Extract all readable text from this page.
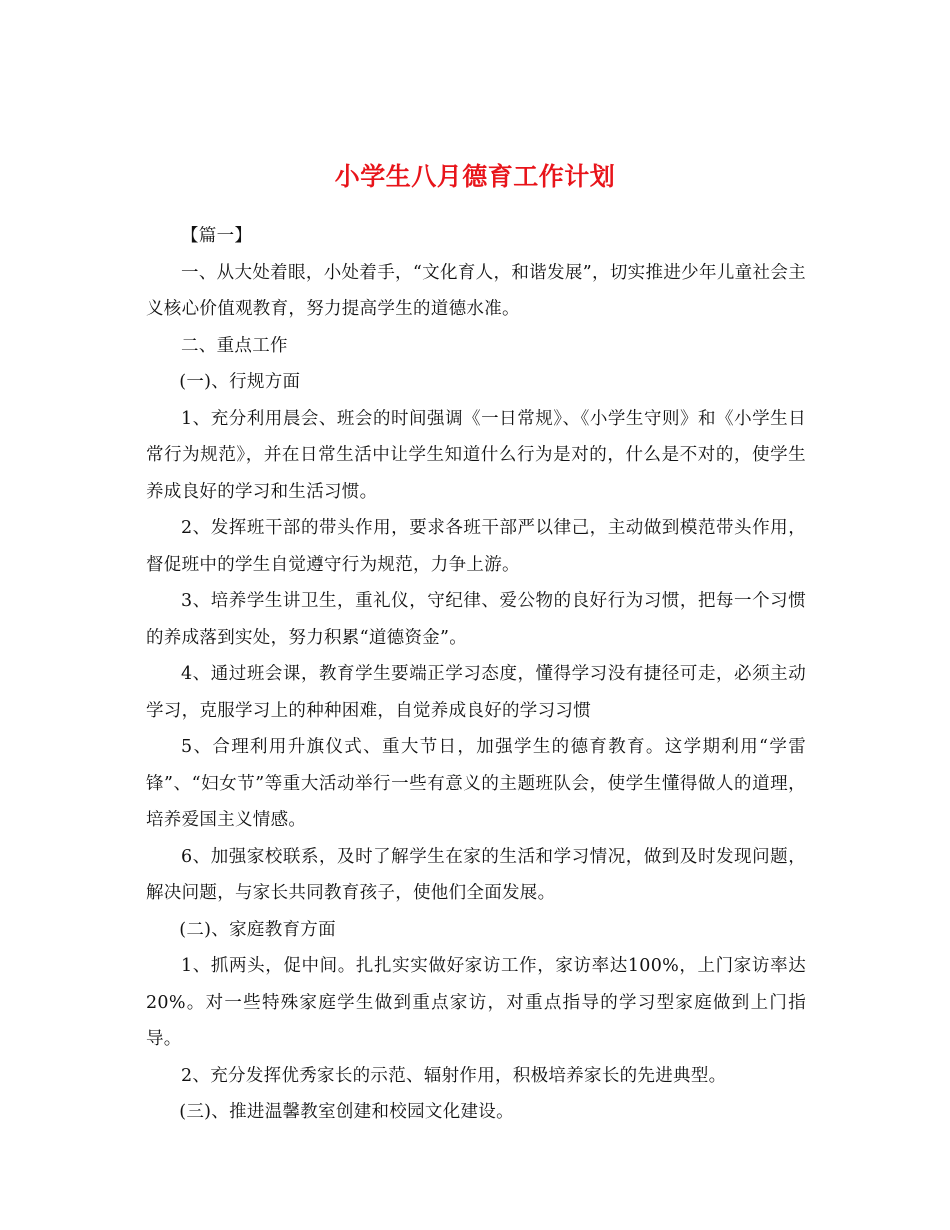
小学生八月德育工作计划

【篇一】

一、从大处着眼，小处着手，“文化育人，和谐发展”，切实推进少年儿童社会主义核心价值观教育，努力提高学生的道德水准。

二、重点工作

(一)、行规方面

1、充分利用晨会、班会的时间强调《一日常规》、《小学生守则》和《小学生日常行为规范》，并在日常生活中让学生知道什么行为是对的，什么是不对的，使学生养成良好的学习和生活习惯。

2、发挥班干部的带头作用，要求各班干部严以律己，主动做到模范带头作用，督促班中的学生自觉遵守行为规范，力争上游。

3、培养学生讲卫生，重礼仪，守纪律、爱公物的良好行为习惯，把每一个习惯的养成落到实处，努力积累“道德资金”。

4、通过班会课，教育学生要端正学习态度，懂得学习没有捷径可走，必须主动学习，克服学习上的种种困难，自觉养成良好的学习习惯

5、合理利用升旗仪式、重大节日，加强学生的德育教育。这学期利用“学雷锋”、“妇女节”等重大活动举行一些有意义的主题班队会，使学生懂得做人的道理，培养爱国主义情感。

6、加强家校联系，及时了解学生在家的生活和学习情况，做到及时发现问题，解决问题，与家长共同教育孩子，使他们全面发展。

(二)、家庭教育方面

1、抓两头，促中间。扎扎实实做好家访工作，家访率达100%，上门家访率达20%。对一些特殊家庭学生做到重点家访，对重点指导的学习型家庭做到上门指导。

2、充分发挥优秀家长的示范、辐射作用，积极培养家长的先进典型。

(三)、推进温馨教室创建和校园文化建设。
